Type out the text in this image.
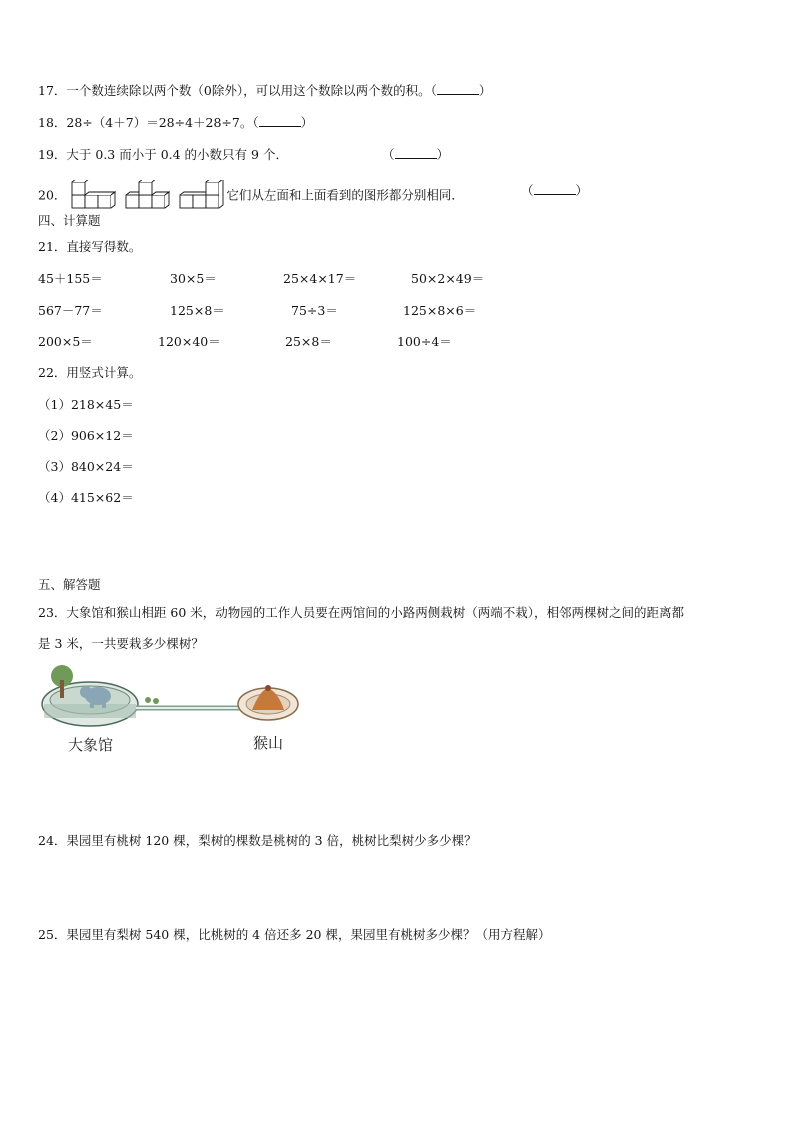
17．一个数连续除以两个数（0除外），可以用这个数除以两个数的积。（	）
18．28÷（4＋7）＝28÷4＋28÷7。（	）
19．大于 0.3 而小于 0.4 的小数只有 9 个．	（	）
20．	它们从左面和上面看到的图形都分别相同．	（	）
四、计算题
21．直接写得数。
45＋155＝	30×5＝	25×4×17＝	50×2×49＝
567－77＝	125×8＝	75÷3＝	125×8×6＝
200×5＝	120×40＝	25×8＝	100÷4＝
22．用竖式计算。
（1）218×45＝
（2）906×12＝
（3）840×24＝
（4）415×62＝
五、解答题
23．大象馆和猴山相距 60 米，动物园的工作人员要在两馆间的小路两侧栽树（两端不栽），相邻两棵树之间的距离都
是 3 米，一共要栽多少棵树？
大象馆	猴山
24．果园里有桃树 120 棵，梨树的棵数是桃树的 3 倍，桃树比梨树少多少棵？
25．果园里有梨树 540 棵，比桃树的 4 倍还多 20 棵，果园里有桃树多少棵？（用方程解）
